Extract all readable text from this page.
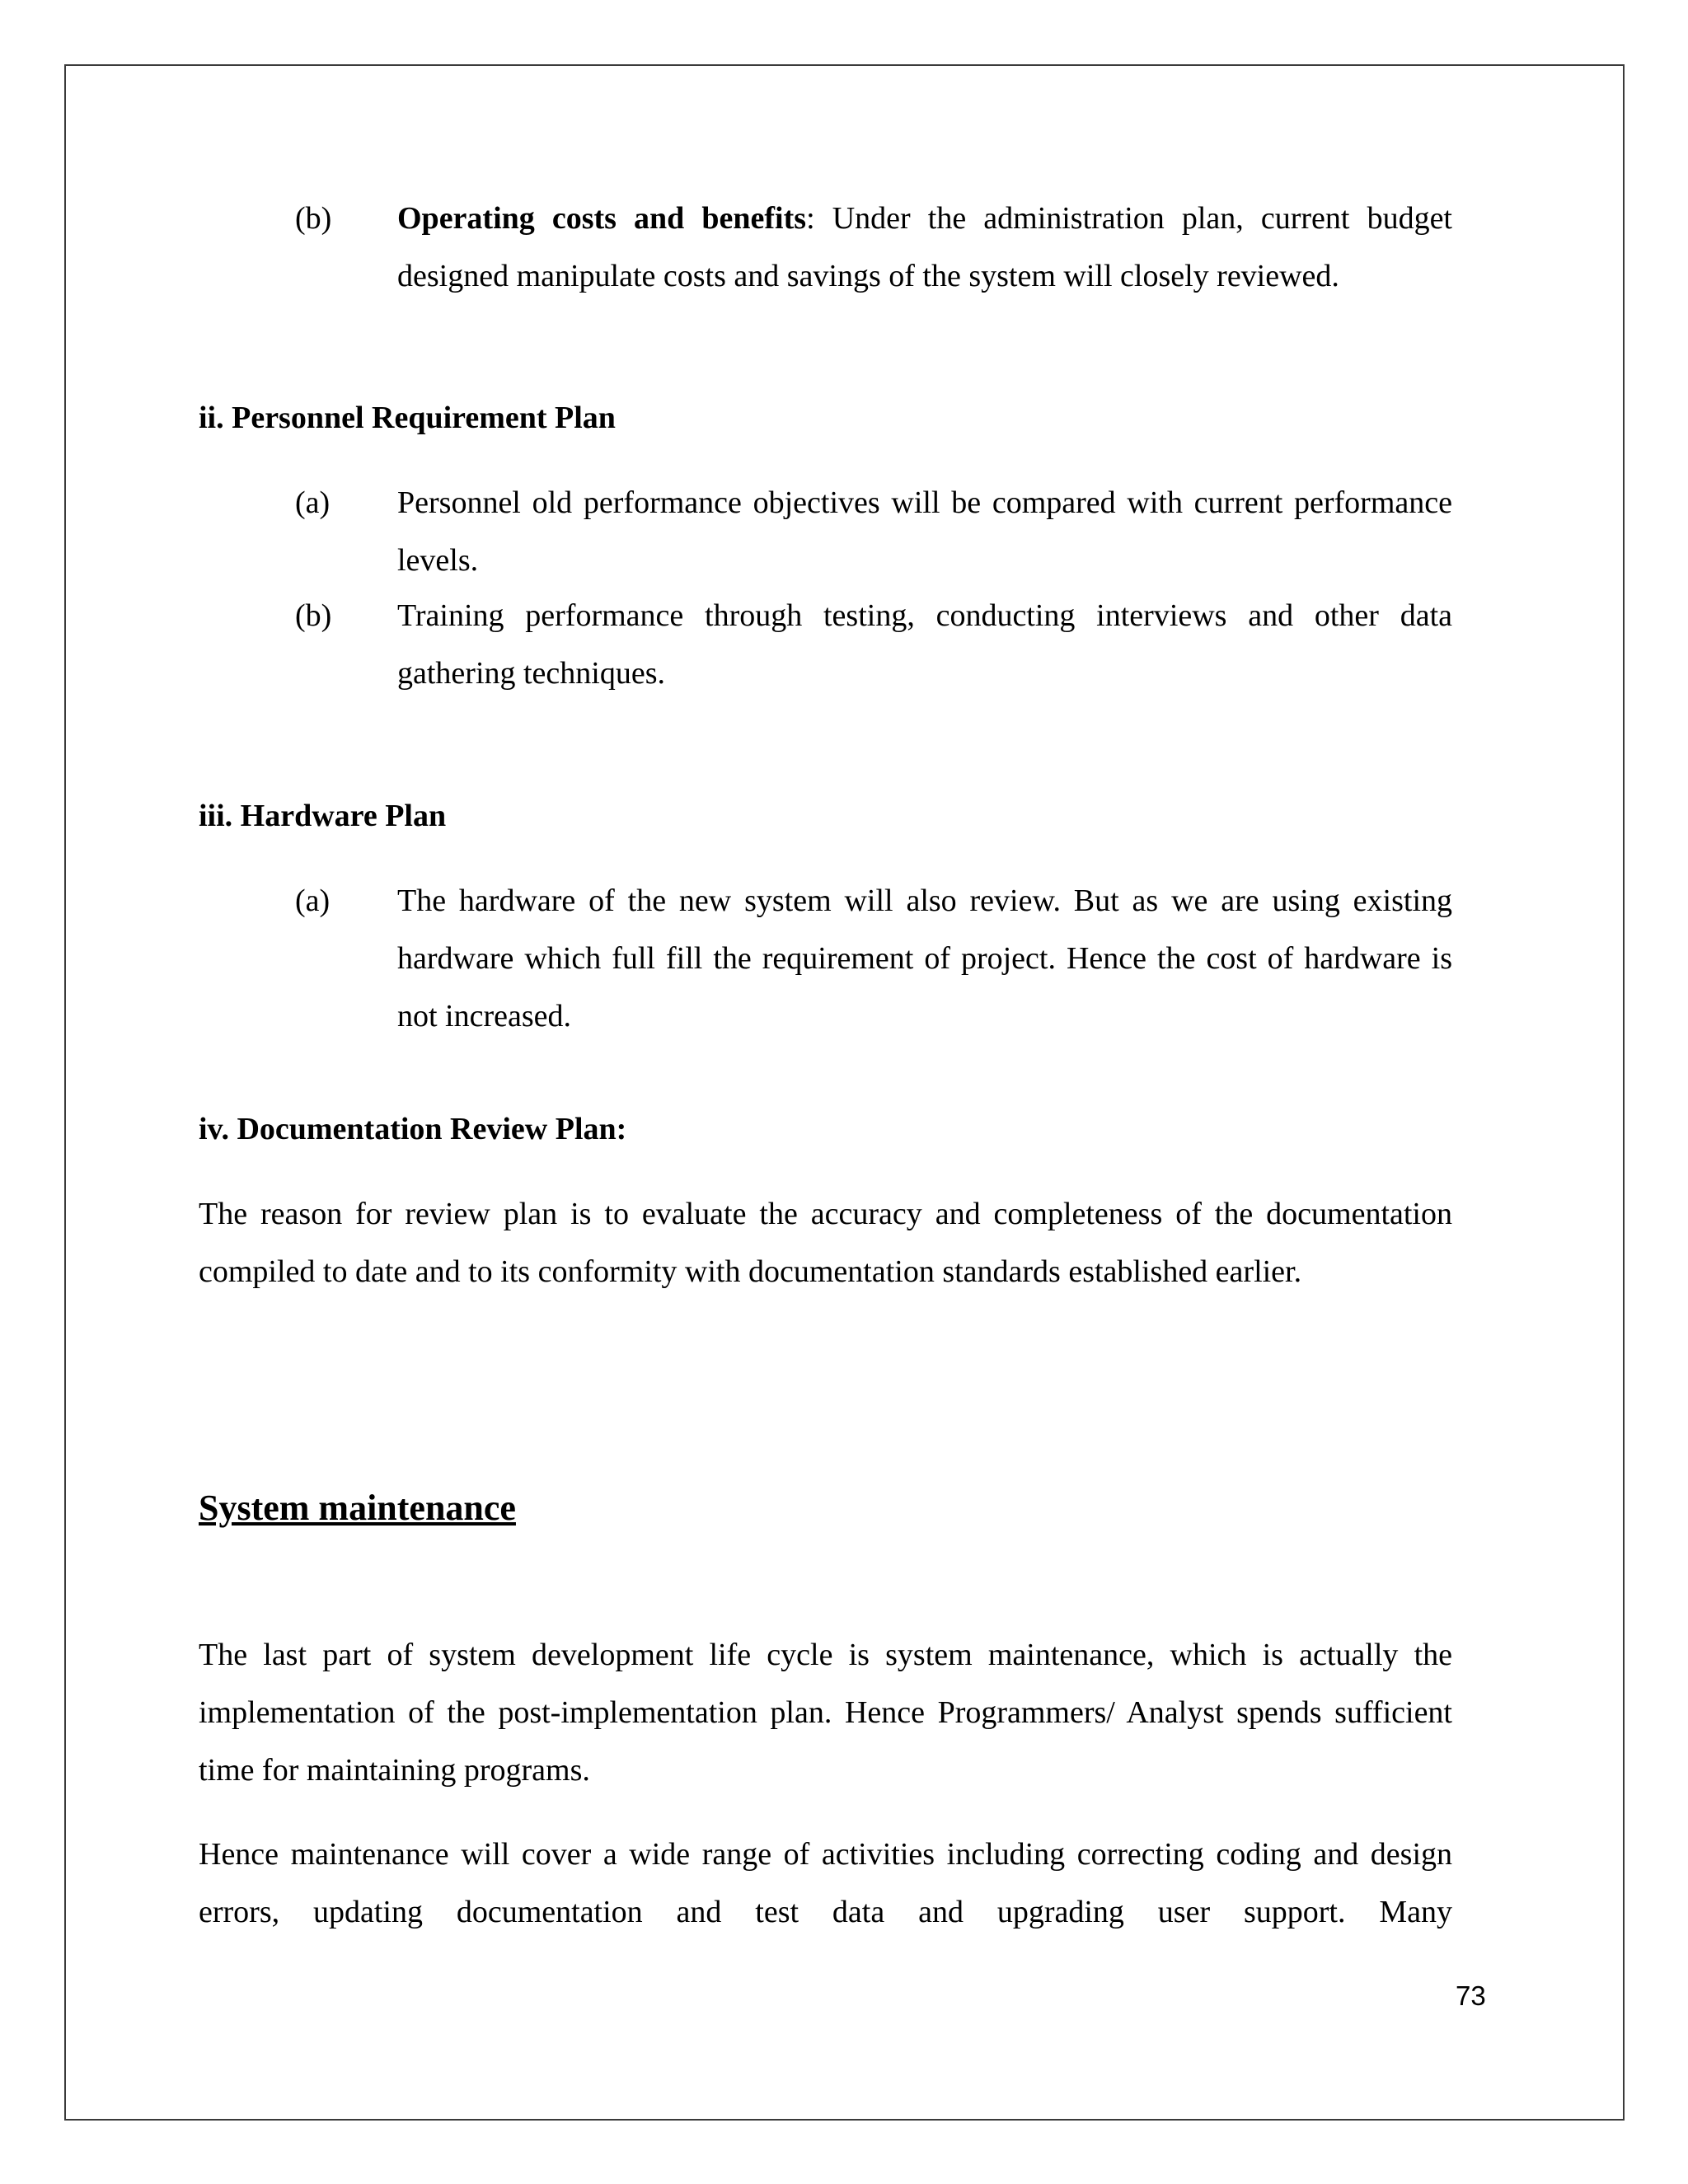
(b) Operating costs and benefits: Under the administration plan, current budget designed manipulate costs and savings of the system will closely reviewed.
ii. Personnel Requirement Plan
(a) Personnel old performance objectives will be compared with current performance levels.
(b) Training performance through testing, conducting interviews and other data gathering techniques.
iii. Hardware Plan
(a) The hardware of the new system will also review. But as we are using existing hardware which full fill the requirement of project. Hence the cost of hardware is not increased.
iv. Documentation Review Plan:
The reason for review plan is to evaluate the accuracy and completeness of the documentation compiled to date and to its conformity with documentation standards established earlier.
System maintenance
The last part of system development life cycle is system maintenance, which is actually the implementation of the post-implementation plan. Hence Programmers/ Analyst spends sufficient time for maintaining programs.
Hence maintenance will cover a wide range of activities including correcting coding and design errors, updating documentation and test data and upgrading user support. Many
73
